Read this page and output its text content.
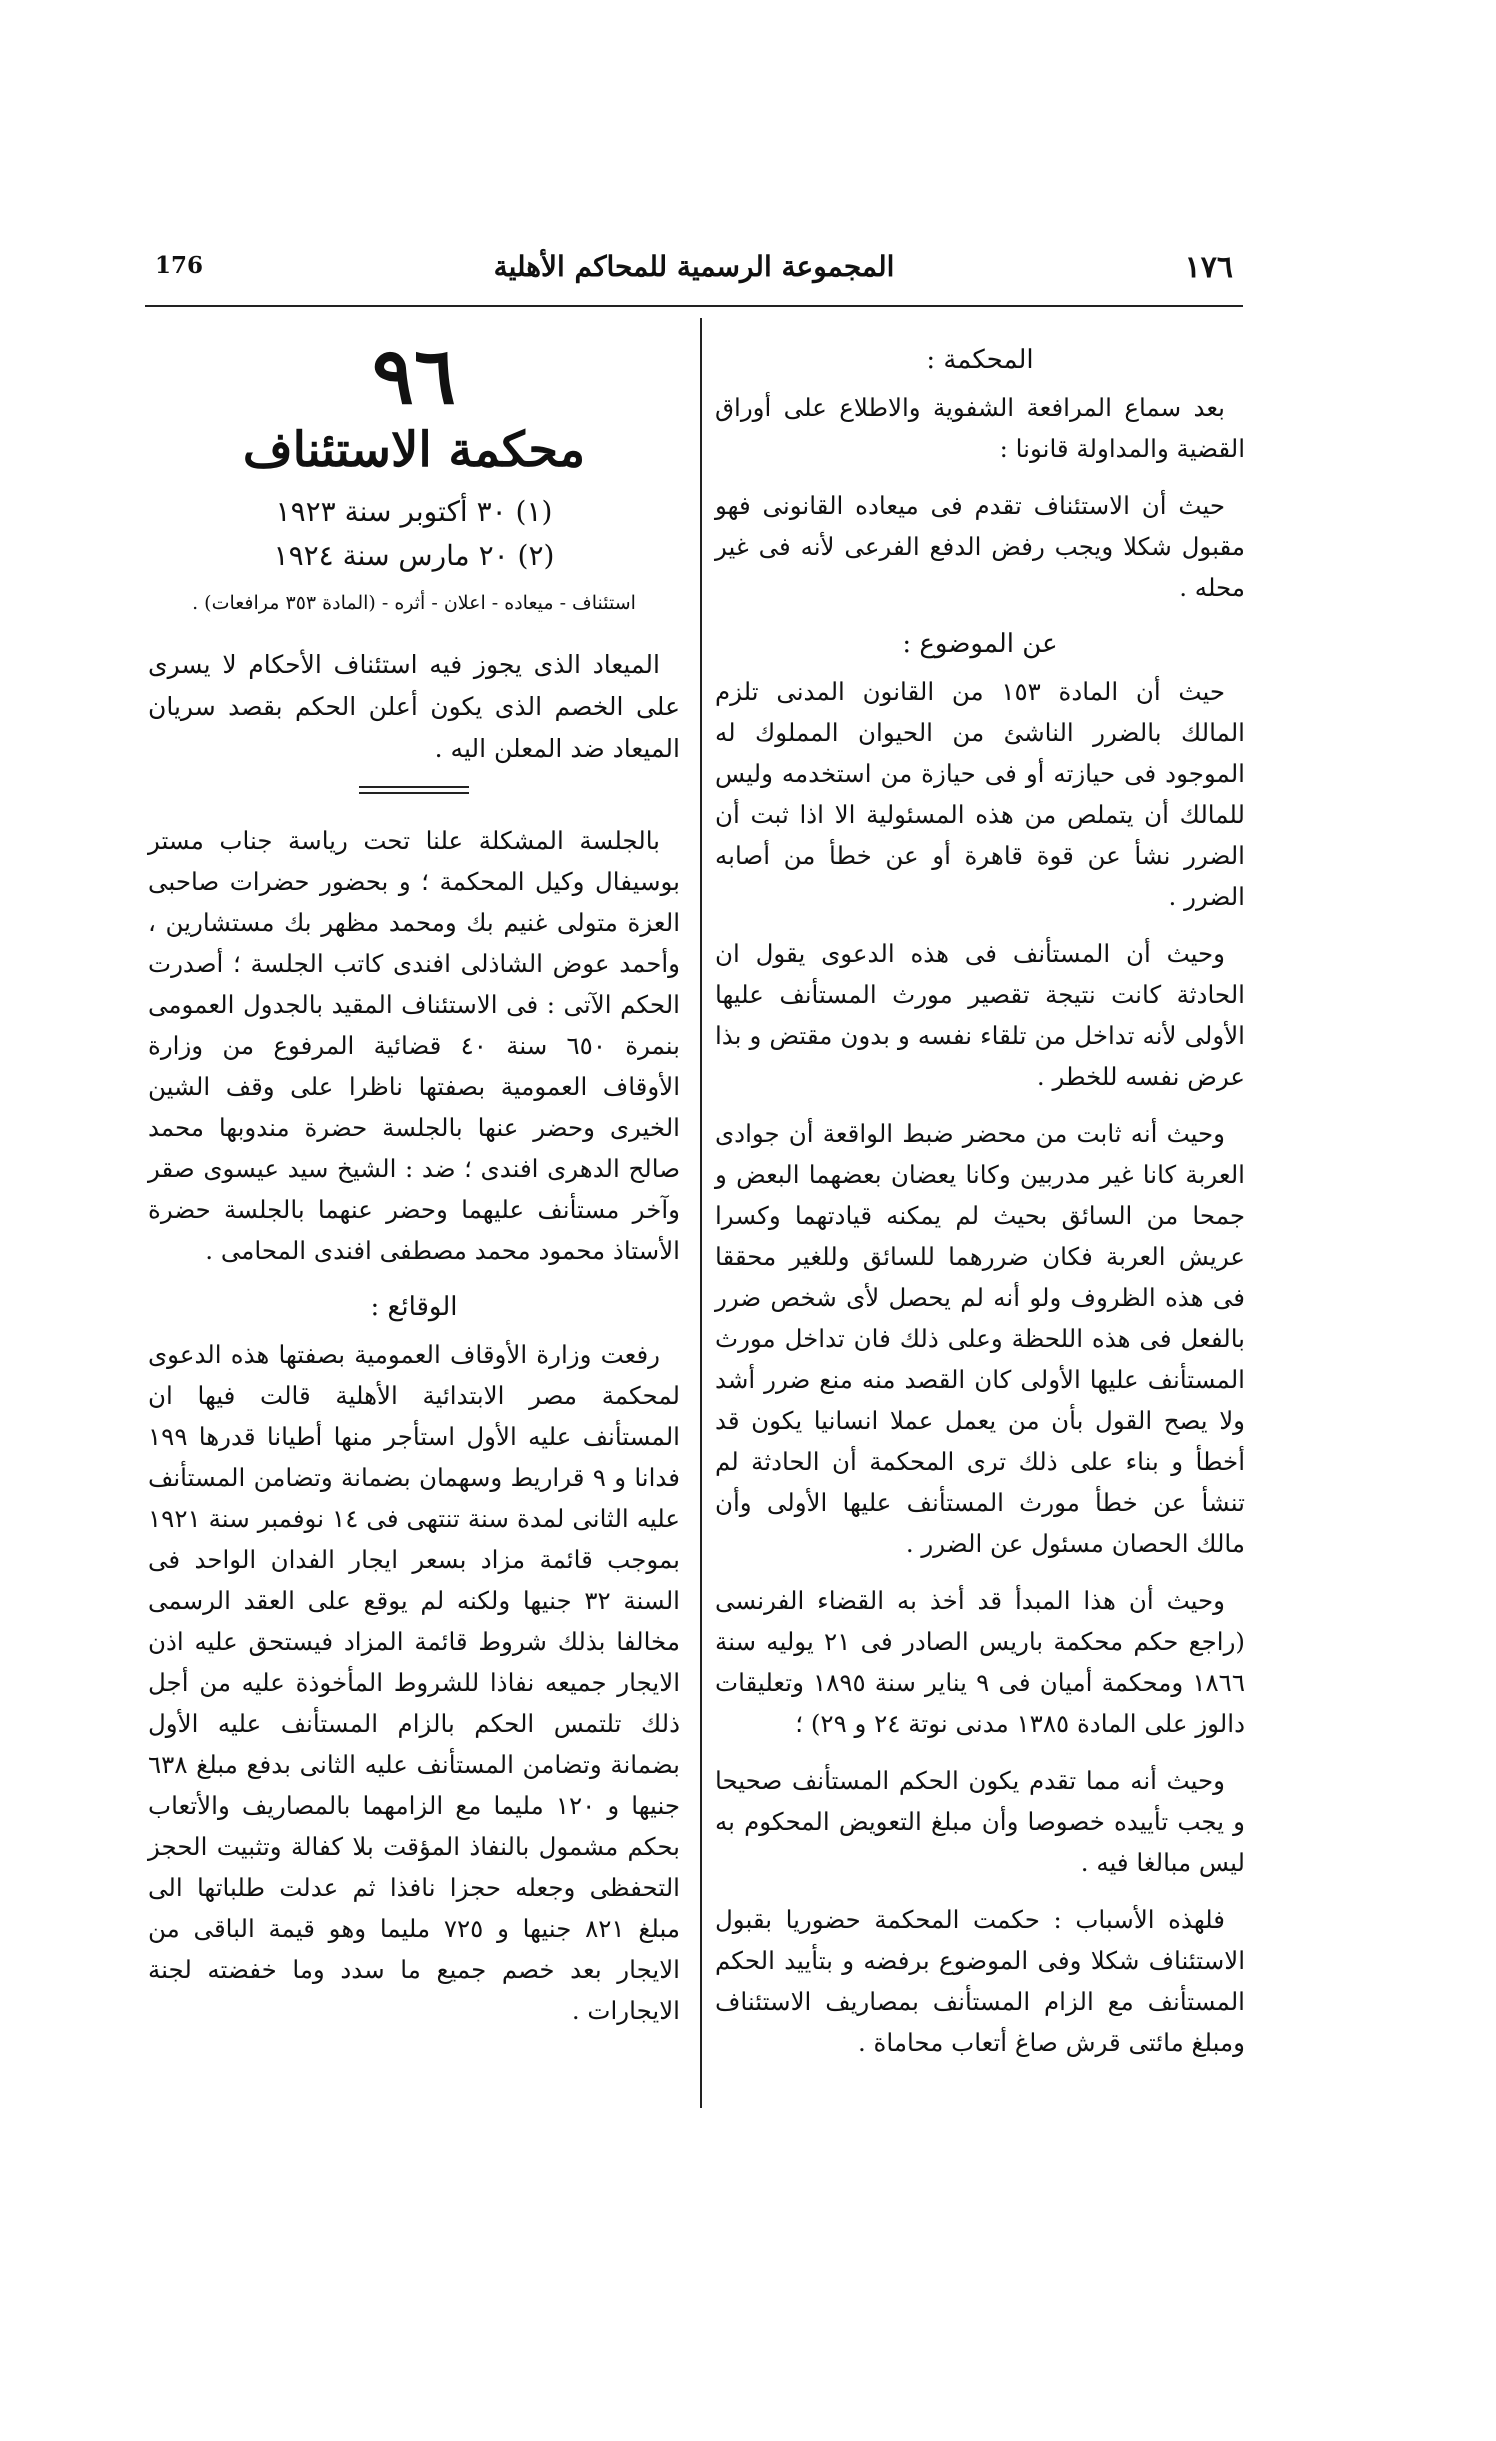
176	المجموعة الرسمية للمحاكم الأهلية	١٧٦
المحكمة :

بعد سماع المرافعة الشفوية والاطلاع على أوراق القضية والمداولة قانونا :

حيث أن الاستئناف تقدم فى ميعاده القانونى فهو مقبول شكلا ويجب رفض الدفع الفرعى لأنه فى غير محله .

عن الموضوع :

حيث أن المادة ١٥٣ من القانون المدنى تلزم المالك بالضرر الناشئ من الحيوان المملوك له الموجود فى حيازته أو فى حيازة من استخدمه وليس للمالك أن يتملص من هذه المسئولية الا اذا ثبت أن الضرر نشأ عن قوة قاهرة أو عن خطأ من أصابه الضرر .

وحيث أن المستأنف فى هذه الدعوى يقول ان الحادثة كانت نتيجة تقصير مورث المستأنف عليها الأولى لأنه تداخل من تلقاء نفسه و بدون مقتض و بذا عرض نفسه للخطر .

وحيث أنه ثابت من محضر ضبط الواقعة أن جوادى العربة كانا غير مدربين وكانا يعضان بعضهما البعض و جمحا من السائق بحيث لم يمكنه قيادتهما وكسرا عريش العربة فكان ضررهما للسائق وللغير محققا فى هذه الظروف ولو أنه لم يحصل لأى شخص ضرر بالفعل فى هذه اللحظة وعلى ذلك فان تداخل مورث المستأنف عليها الأولى كان القصد منه منع ضرر أشد ولا يصح القول بأن من يعمل عملا انسانيا يكون قد أخطأ و بناء على ذلك ترى المحكمة أن الحادثة لم تنشأ عن خطأ مورث المستأنف عليها الأولى وأن مالك الحصان مسئول عن الضرر .

وحيث أن هذا المبدأ قد أخذ به القضاء الفرنسى (راجع حكم محكمة باريس الصادر فى ٢١ يوليه سنة ١٨٦٦ ومحكمة أميان فى ٩ يناير سنة ١٨٩٥ وتعليقات دالوز على المادة ١٣٨٥ مدنى نوتة ٢٤ و ٢٩) ؛

وحيث أنه مما تقدم يكون الحكم المستأنف صحيحا و يجب تأييده خصوصا وأن مبلغ التعويض المحكوم به ليس مبالغا فيه .

فلهذه الأسباب : حكمت المحكمة حضوريا بقبول الاستئناف شكلا وفى الموضوع برفضه و بتأييد الحكم المستأنف مع الزام المستأنف بمصاريف الاستئناف ومبلغ مائتى قرش صاغ أتعاب محاماة .

٩٦
محكمة الاستئناف
(١) ٣٠ أكتوبر سنة ١٩٢٣
(٢) ٢٠ مارس سنة ١٩٢٤
استئناف - ميعاده - اعلان - أثره - (المادة ٣٥٣ مرافعات) .

الميعاد الذى يجوز فيه استئناف الأحكام لا يسرى على الخصم الذى يكون أعلن الحكم بقصد سريان الميعاد ضد المعلن اليه .

بالجلسة المشكلة علنا تحت رياسة جناب مستر بوسيفال وكيل المحكمة ؛ و بحضور حضرات صاحبى العزة متولى غنيم بك ومحمد مظهر بك مستشارين ، وأحمد عوض الشاذلى افندى كاتب الجلسة ؛ أصدرت الحكم الآتى : فى الاستئناف المقيد بالجدول العمومى بنمرة ٦٥٠ سنة ٤٠ قضائية المرفوع من وزارة الأوقاف العمومية بصفتها ناظرا على وقف الشين الخيرى وحضر عنها بالجلسة حضرة مندوبها محمد صالح الدهرى افندى ؛ ضد : الشيخ سيد عيسوى صقر وآخر مستأنف عليهما وحضر عنهما بالجلسة حضرة الأستاذ محمود محمد مصطفى افندى المحامى .

الوقائع :

رفعت وزارة الأوقاف العمومية بصفتها هذه الدعوى لمحكمة مصر الابتدائية الأهلية قالت فيها ان المستأنف عليه الأول استأجر منها أطيانا قدرها ١٩٩ فدانا و ٩ قراريط وسهمان بضمانة وتضامن المستأنف عليه الثانى لمدة سنة تنتهى فى ١٤ نوفمبر سنة ١٩٢١ بموجب قائمة مزاد بسعر ايجار الفدان الواحد فى السنة ٣٢ جنيها ولكنه لم يوقع على العقد الرسمى مخالفا بذلك شروط قائمة المزاد فيستحق عليه اذن الايجار جميعه نفاذا للشروط المأخوذة عليه من أجل ذلك تلتمس الحكم بالزام المستأنف عليه الأول بضمانة وتضامن المستأنف عليه الثانى بدفع مبلغ ٦٣٨ جنيها و ١٢٠ مليما مع الزامهما بالمصاريف والأتعاب بحكم مشمول بالنفاذ المؤقت بلا كفالة وتثبيت الحجز التحفظى وجعله حجزا نافذا ثم عدلت طلباتها الى مبلغ ٨٢١ جنيها و ٧٢٥ مليما وهو قيمة الباقى من الايجار بعد خصم جميع ما سدد وما خفضته لجنة الايجارات .
